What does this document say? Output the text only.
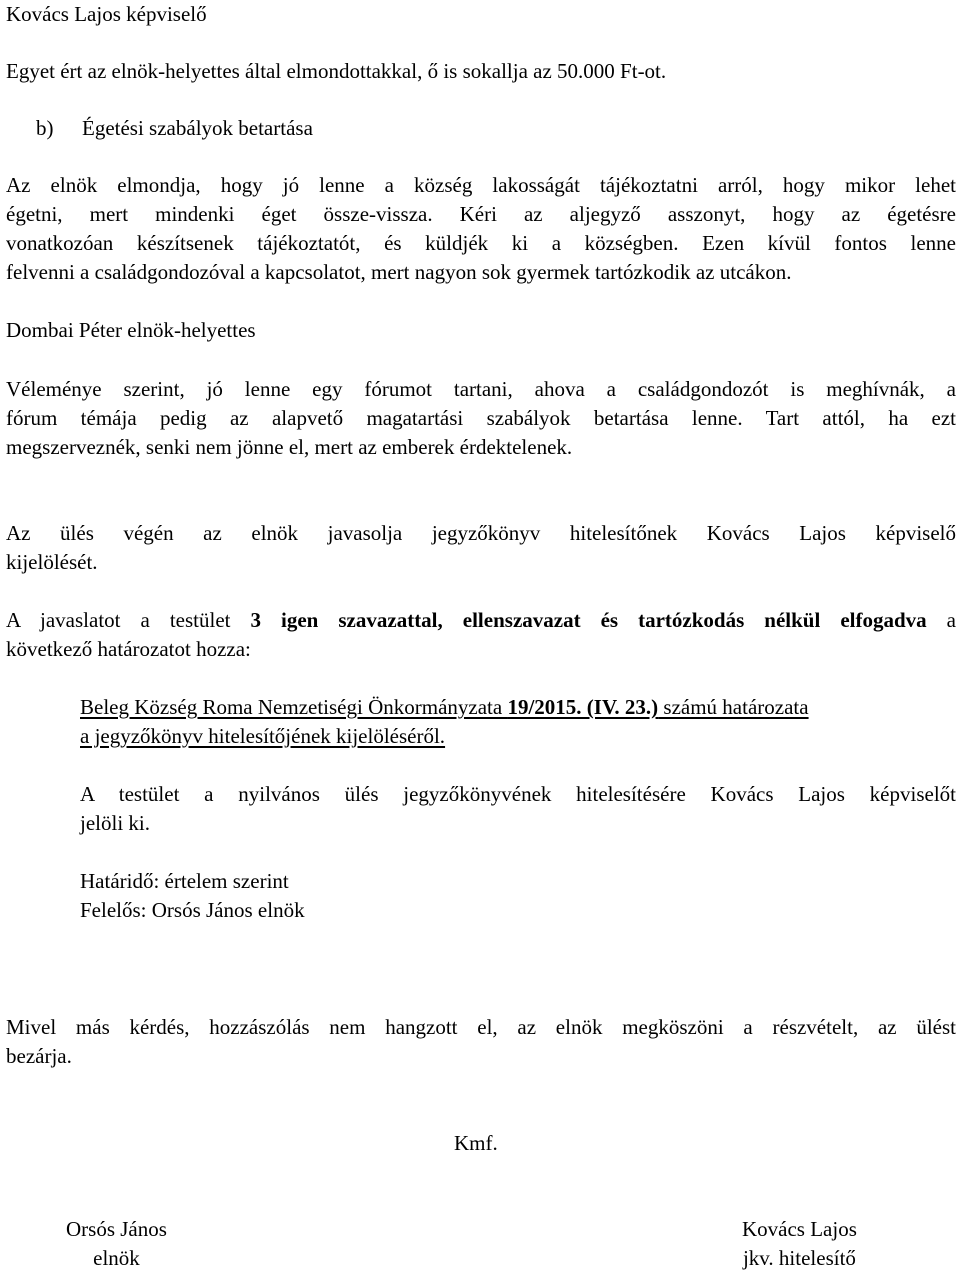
Kovács Lajos képviselő
Egyet ért az elnök-helyettes által elmondottakkal, ő is sokallja az 50.000 Ft-ot.
b) Égetési szabályok betartása
Az elnök elmondja, hogy jó lenne a község lakosságát tájékoztatni arról, hogy mikor lehet
égetni, mert mindenki éget össze-vissza. Kéri az aljegyző asszonyt, hogy az égetésre
vonatkozóan készítsenek tájékoztatót, és küldjék ki a községben. Ezen kívül fontos lenne
felvenni a családgondozóval a kapcsolatot, mert nagyon sok gyermek tartózkodik az utcákon.
Dombai Péter elnök-helyettes
Véleménye szerint, jó lenne egy fórumot tartani, ahova a családgondozót is meghívnák, a
fórum témája pedig az alapvető magatartási szabályok betartása lenne. Tart attól, ha ezt
megszerveznék, senki nem jönne el, mert az emberek érdektelenek.
Az ülés végén az elnök javasolja jegyzőkönyv hitelesítőnek Kovács Lajos képviselő
kijelölését.
A javaslatot a testület 3 igen szavazattal, ellenszavazat és tartózkodás nélkül elfogadva a
következő határozatot hozza:
Beleg Község Roma Nemzetiségi Önkormányzata 19/2015. (IV. 23.) számú határozata
a jegyzőkönyv hitelesítőjének kijelöléséről.
A testület a nyilvános ülés jegyzőkönyvének hitelesítésére Kovács Lajos képviselőt
jelöli ki.
Határidő: értelem szerint
Felelős: Orsós János elnök
Mivel más kérdés, hozzászólás nem hangzott el, az elnök megköszöni a részvételt, az ülést
bezárja.
Kmf.
Orsós János
elnök
Kovács Lajos
jkv. hitelesítő
